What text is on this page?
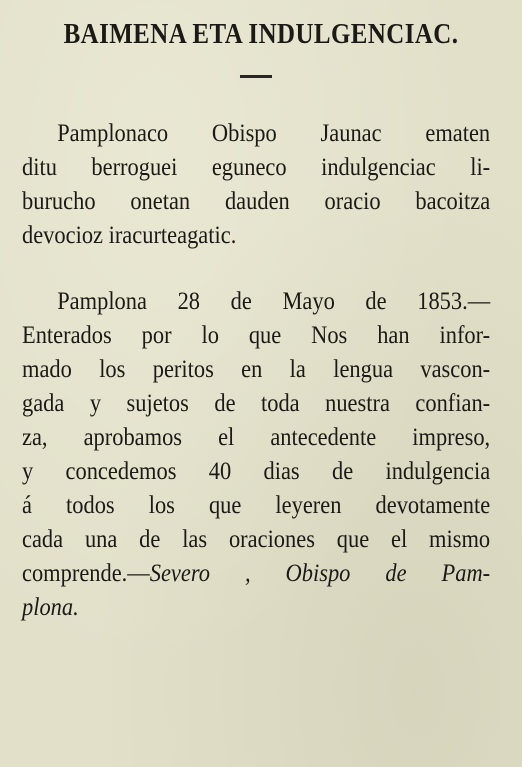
BAIMENA ETA INDULGENCIAC.
Pamplonaco Obispo Jaunac ematen
ditu berroguei eguneco indulgenciac li-
burucho onetan dauden oracio bacoitza
devocioz iracurteagatic.
Pamplona 28 de Mayo de 1853.—
Enterados por lo que Nos han infor-
mado los peritos en la lengua vascon-
gada y sujetos de toda nuestra confian-
za, aprobamos el antecedente impreso,
y concedemos 40 dias de indulgencia
á todos los que leyeren devotamente
cada una de las oraciones que el mismo
comprende.—Severo , Obispo de Pam-
plona.
